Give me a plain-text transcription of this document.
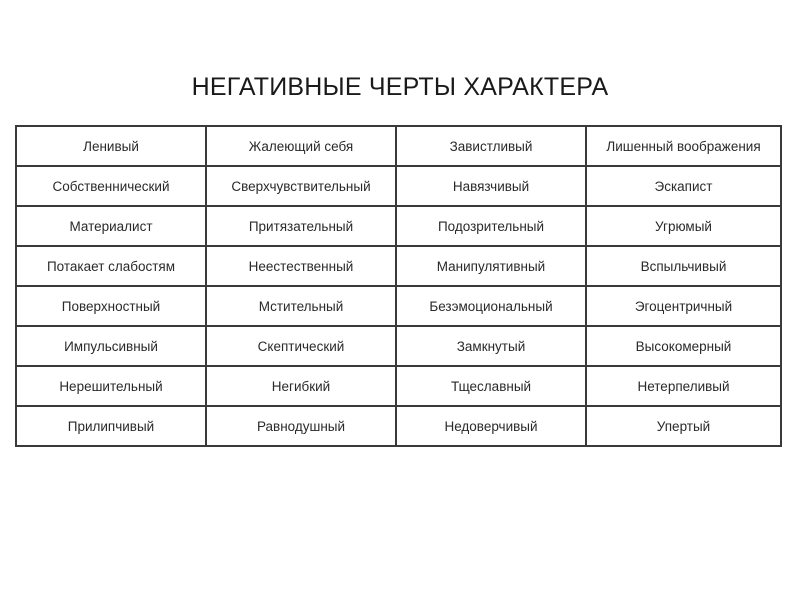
НЕГАТИВНЫЕ ЧЕРТЫ ХАРАКТЕРА
Ленивый	Жалеющий себя	Завистливый	Лишенный воображения
Собственнический	Сверхчувствительный	Навязчивый	Эскапист
Материалист	Притязательный	Подозрительный	Угрюмый
Потакает слабостям	Неестественный	Манипулятивный	Вспыльчивый
Поверхностный	Мстительный	Безэмоциональный	Эгоцентричный
Импульсивный	Скептический	Замкнутый	Высокомерный
Нерешительный	Негибкий	Тщеславный	Нетерпеливый
Прилипчивый	Равнодушный	Недоверчивый	Упертый
